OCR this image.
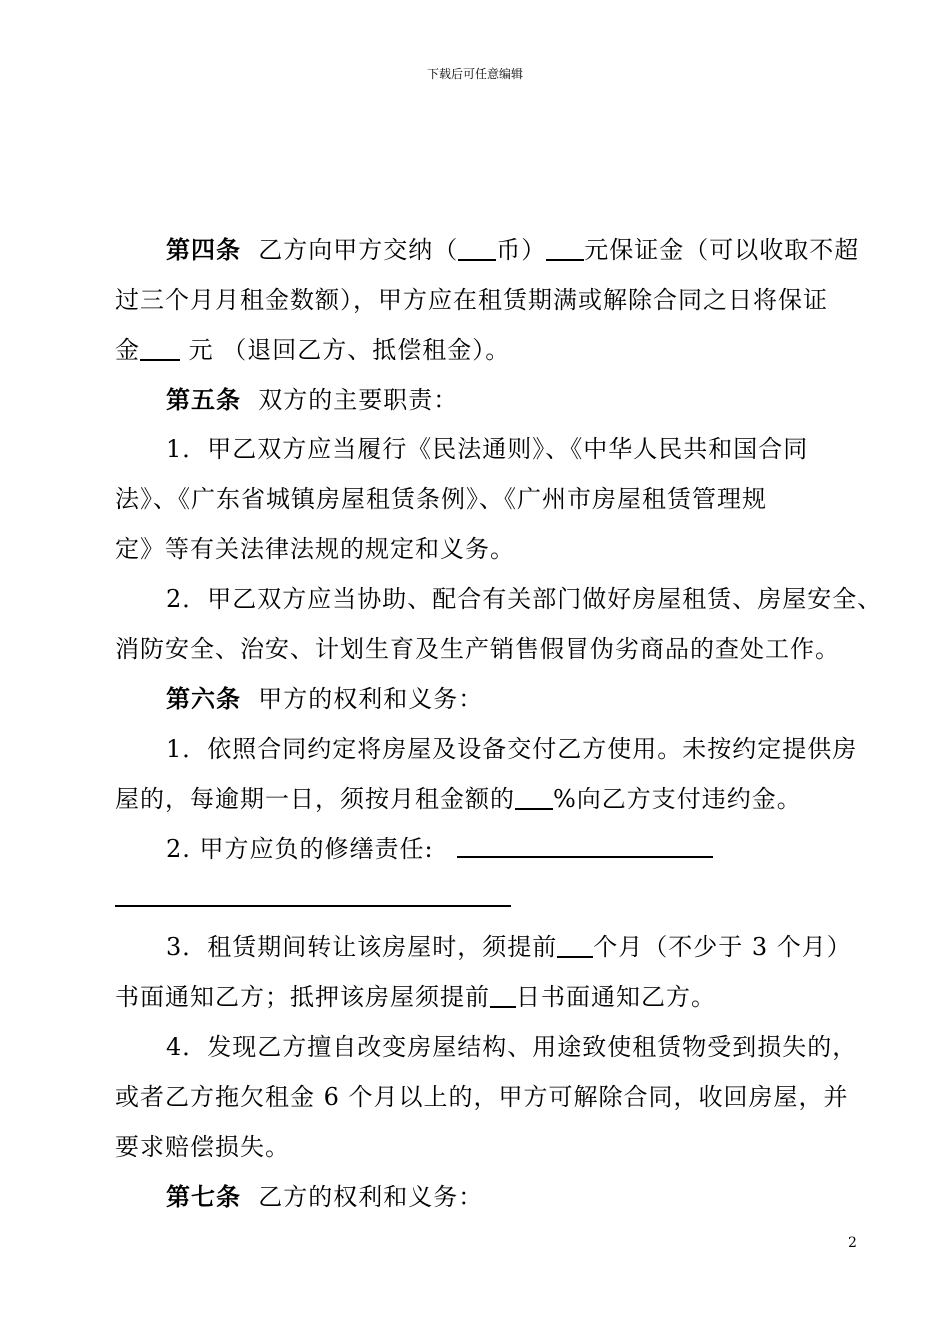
下载后可任意编辑
第四条 乙方向甲方交纳（ 币） 元保证金（可以收取不超
过三个月月租金数额），甲方应在租赁期满或解除合同之日将保证
金 元 （退回乙方、抵偿租金）。
第五条 双方的主要职责：
1．甲乙双方应当履行《民法通则》、《中华人民共和国合同
法》、《广东省城镇房屋租赁条例》、《广州市房屋租赁管理规
定》等有关法律法规的规定和义务。
2．甲乙双方应当协助、配合有关部门做好房屋租赁、房屋安全、
消防安全、治安、计划生育及生产销售假冒伪劣商品的查处工作。
第六条 甲方的权利和义务：
1．依照合同约定将房屋及设备交付乙方使用。未按约定提供房
屋的，每逾期一日，须按月租金额的 %向乙方支付违约金。
2. 甲方应负的修缮责任:
3．租赁期间转让该房屋时，须提前 个月（不少于 3 个月）
书面通知乙方；抵押该房屋须提前 日书面通知乙方。
4．发现乙方擅自改变房屋结构、用途致使租赁物受到损失的，
或者乙方拖欠租金 6 个月以上的，甲方可解除合同，收回房屋，并
要求赔偿损失。
第七条 乙方的权利和义务：
2
